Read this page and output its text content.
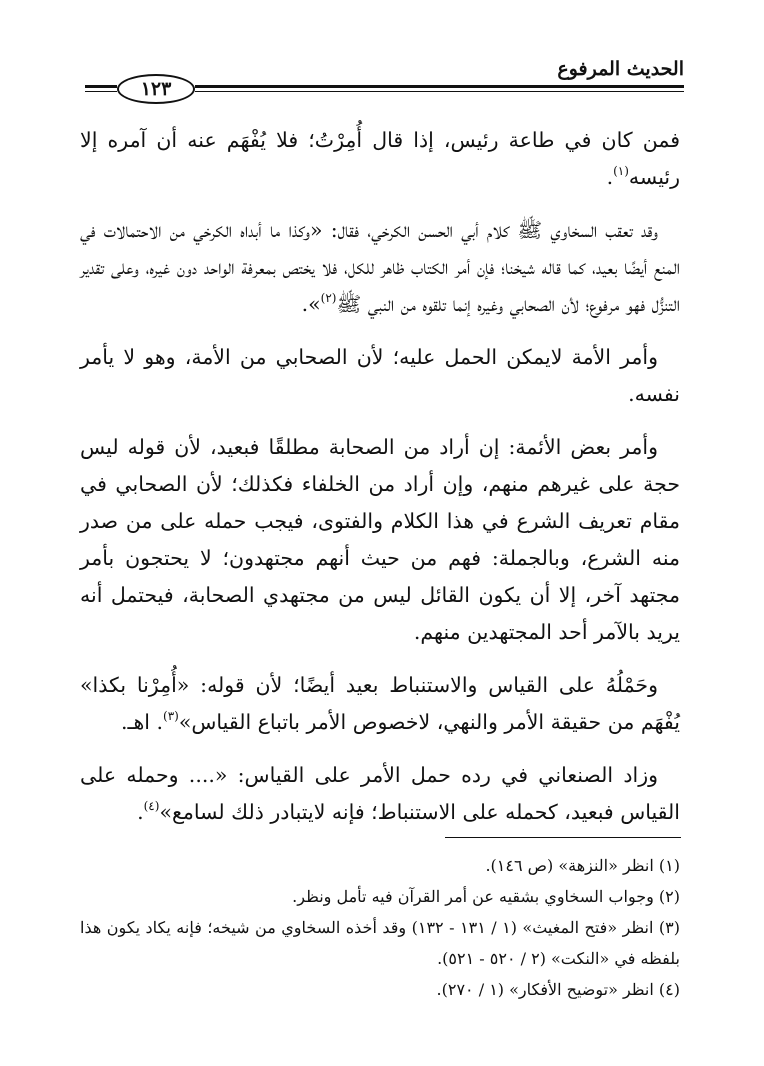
الحديث المرفوع
١٢٣

فمن كان في طاعة رئيس، إذا قال أُمِرْتُ؛ فلا يُفْهَم عنه أن آمره إلا رئيسه$^{(١)}$.

وقد تعقب السخاوي ﷺ كلام أبي الحسن الكرخي، فقال: «وكذا ما أبداه الكرخي من الاحتمالات في المنع أيضًا بعيد، كما قاله شيخنا؛ فإن أمر الكتاب ظاهر للكل، فلا يختص بمعرفة الواحد دون غيره، وعلى تقدير التنزُّل فهو مرفوع؛ لأن الصحابي وغيره إنما تلقوه من النبي ﷺ$^{(٢)}$».

وأمر الأمة لايمكن الحمل عليه؛ لأن الصحابي من الأمة، وهو لا يأمر نفسه.

وأمر بعض الأئمة: إن أراد من الصحابة مطلقًا فبعيد، لأن قوله ليس حجة على غيرهم منهم، وإن أراد من الخلفاء فكذلك؛ لأن الصحابي في مقام تعريف الشرع في هذا الكلام والفتوى، فيجب حمله على من صدر منه الشرع، وبالجملة: فهم من حيث أنهم مجتهدون؛ لا يحتجون بأمر مجتهد آخر، إلا أن يكون القائل ليس من مجتهدي الصحابة، فيحتمل أنه يريد بالآمر أحد المجتهدين منهم.

وحَمْلُهُ على القياس والاستنباط بعيد أيضًا؛ لأن قوله: «أُمِرْنا بكذا» يُفْهَم من حقيقة الأمر والنهي، لاخصوص الأمر باتباع القياس»$^{(٣)}$. اهـ.

وزاد الصنعاني في رده حمل الأمر على القياس: «.... وحمله على القياس فبعيد، كحمله على الاستنباط؛ فإنه لايتبادر ذلك لسامع»$^{(٤)}$.

(١) انظر «النزهة» (ص ١٤٦).
(٢) وجواب السخاوي بشقيه عن أمر القرآن فيه تأمل ونظر.
(٣) انظر «فتح المغيث» (١ / ١٣١ - ١٣٢) وقد أخذه السخاوي من شيخه؛ فإنه يكاد يكون هذا بلفظه في «النكت» (٢ / ٥٢٠ - ٥٢١).
(٤) انظر «توضيح الأفكار» (١ / ٢٧٠).
